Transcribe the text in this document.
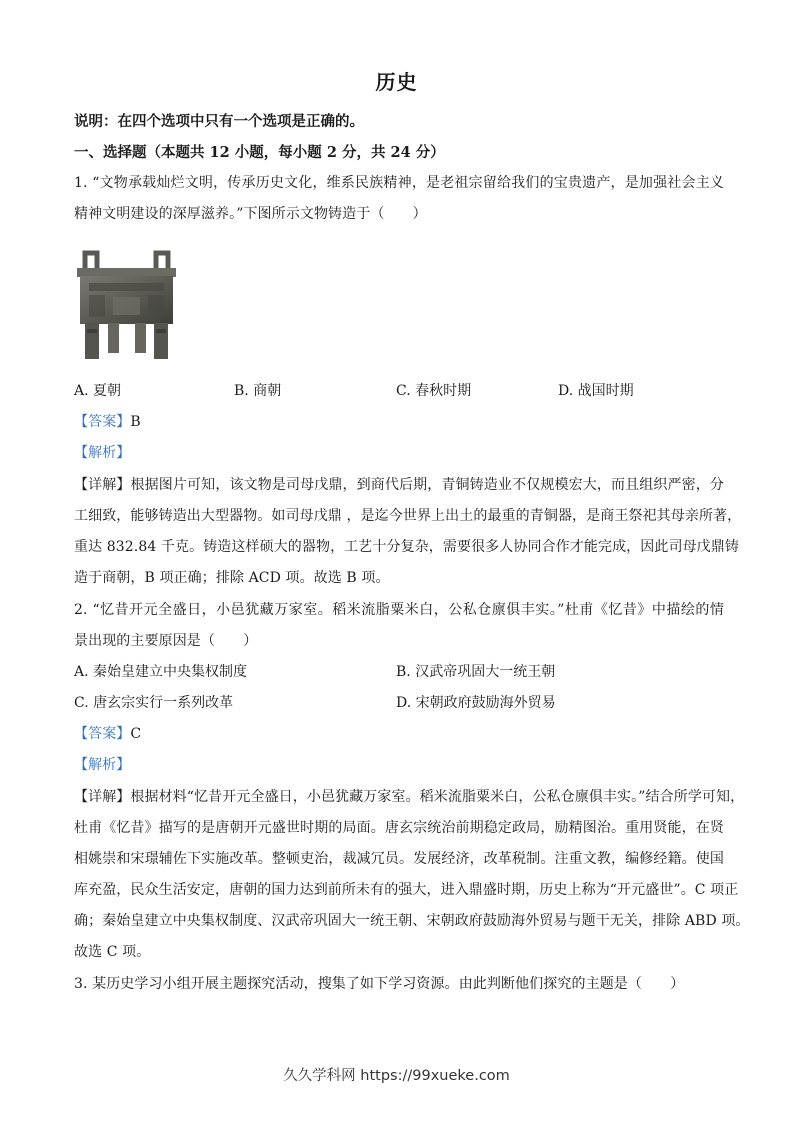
历史
说明：在四个选项中只有一个选项是正确的。
一、选择题（本题共 12 小题，每小题 2 分，共 24 分）
1. “文物承载灿烂文明，传承历史文化，维系民族精神，是老祖宗留给我们的宝贵遗产，是加强社会主义
精神文明建设的深厚滋养。”下图所示文物铸造于（　　）
A. 夏朝	B. 商朝	C. 春秋时期	D. 战国时期
【答案】B
【解析】
【详解】根据图片可知，该文物是司母戊鼎，到商代后期，青铜铸造业不仅规模宏大，而且组织严密，分
工细致，能够铸造出大型器物。如司母戊鼎 ，是迄今世界上出土的最重的青铜器，是商王祭祀其母亲所著，
重达 832.84 千克。铸造这样硕大的器物，工艺十分复杂，需要很多人协同合作才能完成，因此司母戊鼎铸
造于商朝，B 项正确；排除 ACD 项。故选 B 项。
2. “忆昔开元全盛日，小邑犹藏万家室。稻米流脂粟米白，公私仓廪俱丰实。”杜甫《忆昔》中描绘的情
景出现的主要原因是（　　）
A. 秦始皇建立中央集权制度	B. 汉武帝巩固大一统王朝
C. 唐玄宗实行一系列改革	D. 宋朝政府鼓励海外贸易
【答案】C
【解析】
【详解】根据材料“忆昔开元全盛日，小邑犹藏万家室。稻米流脂粟米白，公私仓廪俱丰实。”结合所学可知，
杜甫《忆昔》描写的是唐朝开元盛世时期的局面。唐玄宗统治前期稳定政局，励精图治。重用贤能，在贤
相姚崇和宋璟辅佐下实施改革。整顿吏治，裁减冗员。发展经济，改革税制。注重文教，编修经籍。使国
库充盈，民众生活安定，唐朝的国力达到前所未有的强大，进入鼎盛时期，历史上称为“开元盛世”。C 项正
确；秦始皇建立中央集权制度、汉武帝巩固大一统王朝、宋朝政府鼓励海外贸易与题干无关，排除 ABD 项。
故选 C 项。
3. 某历史学习小组开展主题探究活动，搜集了如下学习资源。由此判断他们探究的主题是（　　）
久久学科网 https://99xueke.com
